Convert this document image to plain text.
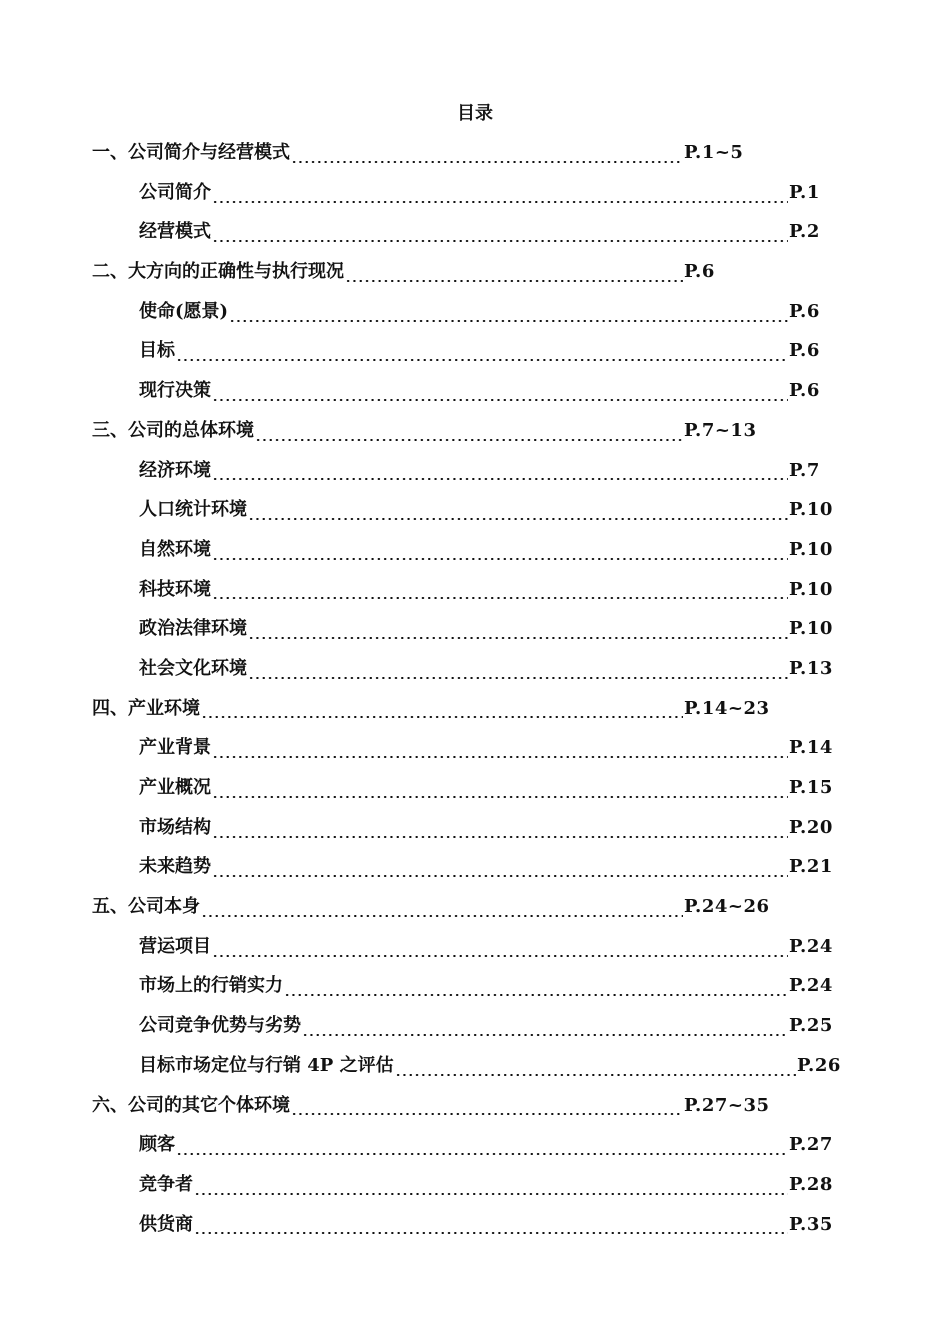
目录
一、公司简介与经营模式	P.1~5
公司简介	P.1
经营模式	P.2
二、大方向的正确性与执行现况	P.6
使命(愿景)	P.6
目标	P.6
现行决策	P.6
三、公司的总体环境	P.7~13
经济环境	P.7
人口统计环境	P.10
自然环境	P.10
科技环境	P.10
政治法律环境	P.10
社会文化环境	P.13
四、产业环境	P.14~23
产业背景	P.14
产业概况	P.15
市场结构	P.20
未来趋势	P.21
五、公司本身	P.24~26
营运项目	P.24
市场上的行销实力	P.24
公司竞争优势与劣势	P.25
目标市场定位与行销 4P 之评估	P.26
六、公司的其它个体环境	P.27~35
顾客	P.27
竞争者	P.28
供货商	P.35
